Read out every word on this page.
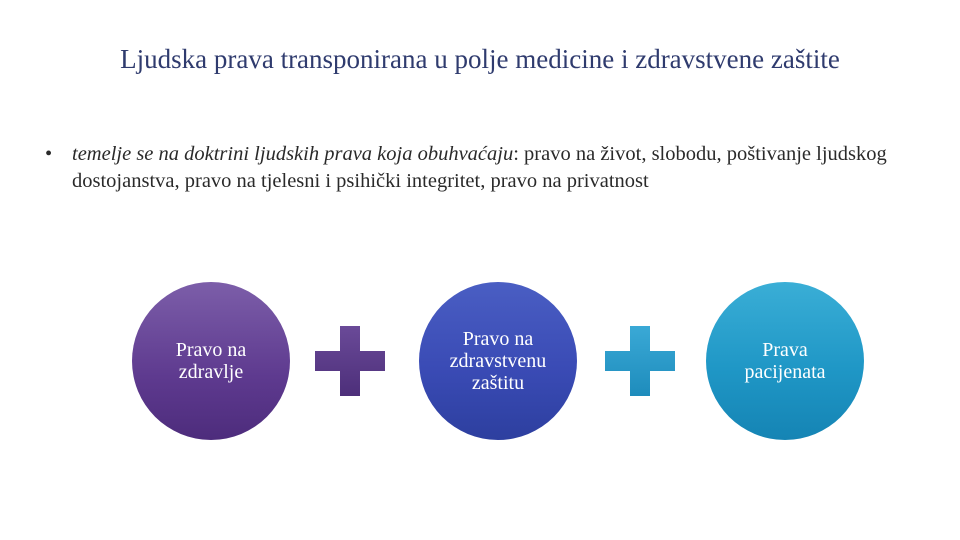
Ljudska prava transponirana u polje medicine i zdravstvene zaštite
• temelje se na doktrini ljudskih prava koja obuhvaćaju: pravo na život, slobodu, poštivanje ljudskog dostojanstva, pravo na tjelesni i psihički integritet, pravo na privatnost
Pravo na zdravlje
Pravo na zdravstvenu zaštitu
Prava pacijenata
